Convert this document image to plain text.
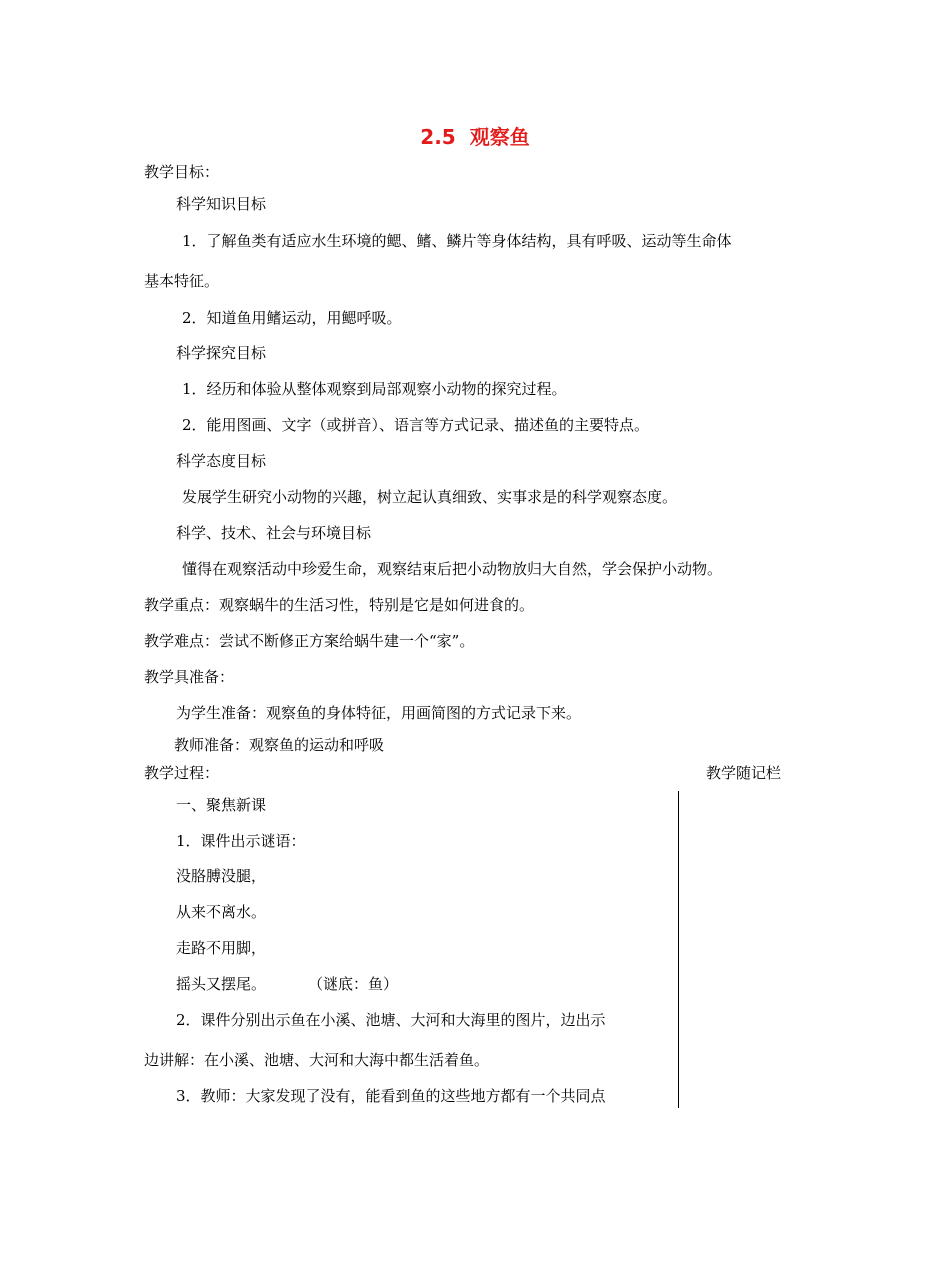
2.5 观察鱼
教学目标：
科学知识目标
1．了解鱼类有适应水生环境的鳃、鳍、鳞片等身体结构，具有呼吸、运动等生命体
基本特征。
2．知道鱼用鳍运动，用鳃呼吸。
科学探究目标
1．经历和体验从整体观察到局部观察小动物的探究过程。
2．能用图画、文字（或拼音）、语言等方式记录、描述鱼的主要特点。
科学态度目标
发展学生研究小动物的兴趣，树立起认真细致、实事求是的科学观察态度。
科学、技术、社会与环境目标
懂得在观察活动中珍爱生命，观察结束后把小动物放归大自然，学会保护小动物。
教学重点：观察蜗牛的生活习性，特别是它是如何进食的。
教学难点：尝试不断修正方案给蜗牛建一个“家”。
教学具准备：
为学生准备：观察鱼的身体特征，用画简图的方式记录下来。
教师准备：观察鱼的运动和呼吸
教学过程：	教学随记栏
一、聚焦新课
1．课件出示谜语：
没胳膊没腿，
从来不离水。
走路不用脚，
摇头又摆尾。	（谜底：鱼）
2．课件分别出示鱼在小溪、池塘、大河和大海里的图片，边出示
边讲解：在小溪、池塘、大河和大海中都生活着鱼。
3．教师：大家发现了没有，能看到鱼的这些地方都有一个共同点
